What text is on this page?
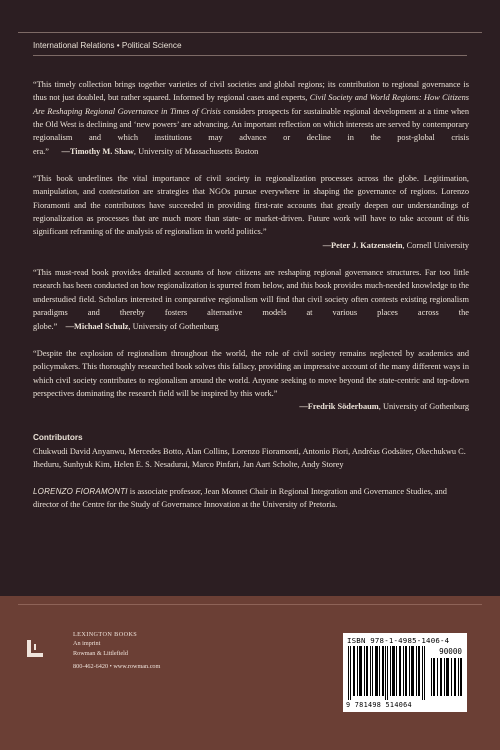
International Relations • Political Science

“This timely collection brings together varieties of civil societies and global regions; its contribution to regional governance is thus not just doubled, but rather squared. Informed by regional cases and experts, Civil Society and World Regions: How Citizens Are Reshaping Regional Governance in Times of Crisis considers prospects for sustainable regional development at a time when the Old West is declining and ‘new powers’ are advancing. An important reflection on which interests are served by contemporary regionalism and which institutions may advance or decline in the post-global crisis era.” —Timothy M. Shaw, University of Massachusetts Boston

“This book underlines the vital importance of civil society in regionalization processes across the globe. Legitimation, manipulation, and contestation are strategies that NGOs pursue everywhere in shaping the governance of regions. Lorenzo Fioramonti and the contributors have succeeded in providing first-rate accounts that greatly deepen our understandings of regionalization as processes that are much more than state- or market-driven. Future work will have to take account of this significant reframing of the analysis of regionalism in world politics.”
—Peter J. Katzenstein, Cornell University

“This must-read book provides detailed accounts of how citizens are reshaping regional governance structures. Far too little research has been conducted on how regionalization is spurred from below, and this book provides much-needed knowledge to the understudied field. Scholars interested in comparative regionalism will find that civil society often contests existing regionalism paradigms and thereby fosters alternative models at various places across the globe.” —Michael Schulz, University of Gothenburg

“Despite the explosion of regionalism throughout the world, the role of civil society remains neglected by academics and policymakers. This thoroughly researched book solves this fallacy, providing an impressive account of the many different ways in which civil society contributes to regionalism around the world. Anyone seeking to move beyond the state-centric and top-down perspectives dominating the research field will be inspired by this work.”
—Fredrik Söderbaum, University of Gothenburg

Contributors

Chukwudi David Anyanwu, Mercedes Botto, Alan Collins, Lorenzo Fioramonti, Antonio Fiori, Andréas Godsäter, Okechukwu C. Iheduru, Sunhyuk Kim, Helen E. S. Nesadurai, Marco Pinfari, Jan Aart Scholte, Andy Storey

LORENZO FIORAMONTI is associate professor, Jean Monnet Chair in Regional Integration and Governance Studies, and director of the Centre for the Study of Governance Innovation at the University of Pretoria.

LEXINGTON BOOKS
An imprint
Rowman & Littlefield
800-462-6420 • www.rowman.com
ISBN 978-1-4985-1406-4
90000
9 781498 514064
